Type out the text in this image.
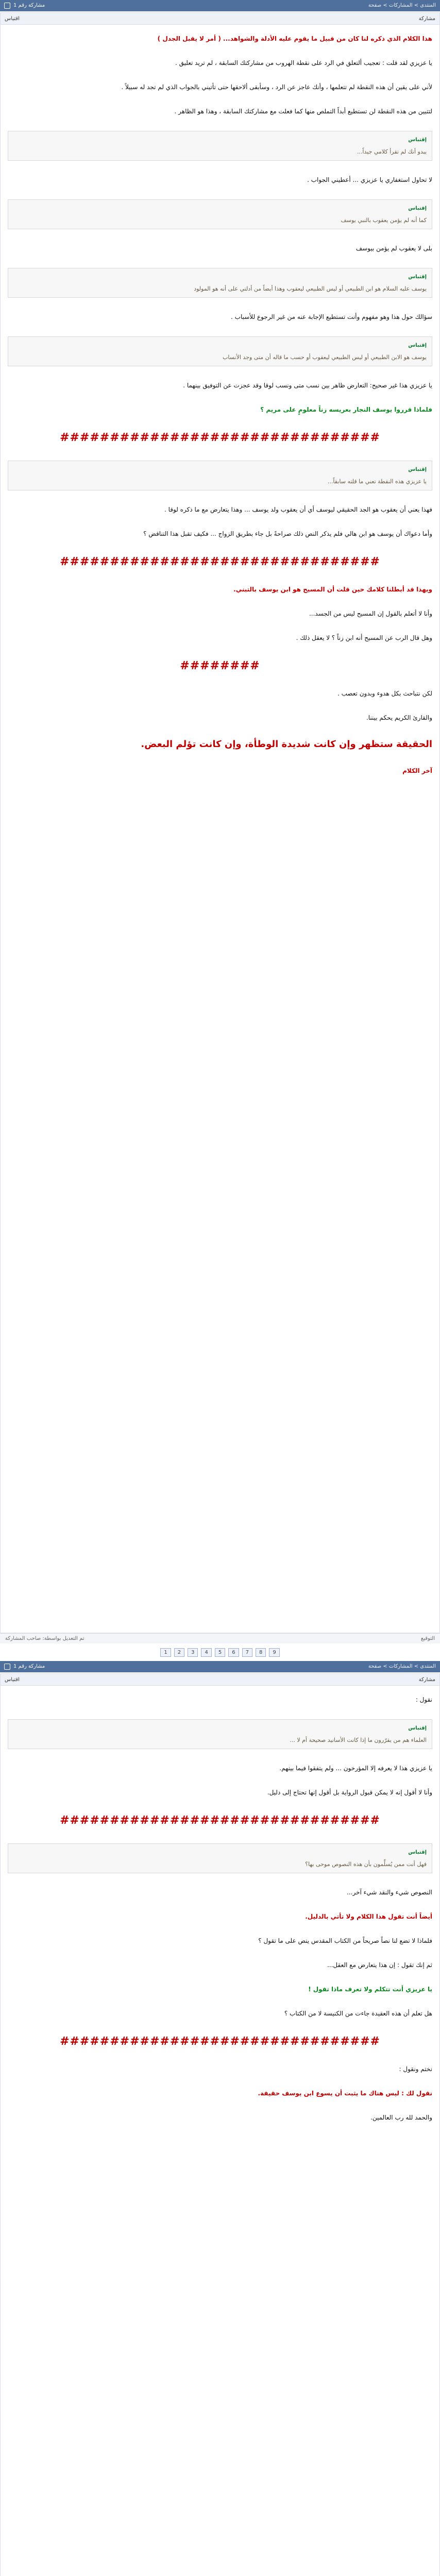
مشاركة رقم 1	المنتدى > المشاركات > صفحة
اقتباس	مشاركة
هذا الكلام الذي ذكره لنا كان من قبيل ما يقوم عليه الأدلة والشواهد... ( أمر لا يقبل الجدل )
يا عزيزي لقد قلت : تعجيب ألتعلق في الرد على نقطة الهروب من مشاركتك السابقة ، لم تريد تعليق .
لأني على يقين أن هذه النقطة لم تتعلمها ، وأنك عاجز عن الرد ، وسأبقى ألاحقها حتى تأتيني بالجواب الذي لم تجد له سبيلاً .
لتتبين من هذه النقطة لن تستطيع أبداً التملص منها كما فعلت مع مشاركتك السابقة ، وهذا هو الظاهر .
إقتباس
يبدو أنك لم تقرأ كلامي جيداً...
لا تحاول استغفاري يا عزيزي ... أعطيني الجواب .
إقتباس
كما أنه لم يؤمن يعقوب بالنبي يوسف
بلى لا يعقوب لم يؤمن بيوسف
إقتباس
يوسف عليه السلام هو ابن الطبيعي أو ليس الطبيعي ليعقوب وهذا أيضاً من أدلتي على أنه هو المولود
سؤالك حول هذا وهو مفهوم وأنت تستطيع الإجابة عنه من غير الرجوع للأسباب .
إقتباس
يوسف هو الابن الطبيعي أو ليس الطبيعي ليعقوب أو حسب ما قاله أن متى وجد الأنساب
يا عزيزي هذا غير صحيح: التعارض ظاهر بين نسب متى ونسب لوقا وقد عجزت عن التوفيق بينهما .
فلماذا قرروا يوسف النجار بعريسه زناً معلومٍ على مريم ؟
################################
إقتباس
يا عزيزي هذه النقطة تعني ما قلته سابقاً...
فهذا يعني أن يعقوب هو الجد الحقيقي ليوسف أي أن يعقوب ولد يوسف ... وهذا يتعارض مع ما ذكره لوقا .
وأما دعواك أن يوسف هو ابن هالي فلم يذكر النص ذلك صراحةً بل جاء بطريق الزواج ... فكيف تقبل هذا التناقض ؟
################################
ويهذا قد أبطلنا كلامك حين قلت أن المسيح هو ابن يوسف بالتبني.
وأنا لا أتعلم بالقول إن المسيح ليس من الجسد...
وهل قال الرب عن المسيح أنه ابن زناً ؟ لا يعقل ذلك .
########
لكن نتباحث بكل هدوء وبدون تعصب .
والقارئ الكريم يحكم بيننا.
الحقيقة ستظهر وإن كانت شديدة الوطأة، وإن كانت تؤلم البعض.
آخر الكلام
تم التعديل بواسطة: صاحب المشاركة	التوقيع
1	2	3	4	5	6	7	8	9
مشاركة رقم 1	المنتدى > المشاركات > صفحة
اقتباس	مشاركة
نقول :
إقتباس
العلماء هم من يقرّرون ما إذا كانت الأسانيد صحيحة أم لا ...
يا عزيزي هذا لا يعرفه إلا المؤرخون ... ولم يتفقوا فيما بينهم.
وأنا لا أقول إنه لا يمكن قبول الرواية بل أقول إنها تحتاج إلى دليل.
################################
إقتباس
فهل أنت ممن يُسلِّمون بأن هذه النصوص موحى بها؟
النصوص شيء والنقد شيء آخر...
أيضاً أنت تقول هذا الكلام ولا تأتي بالدليل.
فلماذا لا تضع لنا نصاً صريحاً من الكتاب المقدس ينص على ما تقول ؟
ثم إنك تقول : إن هذا يتعارض مع العقل...
يا عزيزي أنت تتكلم ولا تعرف ماذا تقول !
هل تعلم أن هذه العقيدة جاءت من الكنيسة لا من الكتاب ؟
################################
نختم ونقول :
نقول لك : ليس هناك ما يثبت أن يسوع ابن يوسف حقيقة.
والحمد لله رب العالمين.
